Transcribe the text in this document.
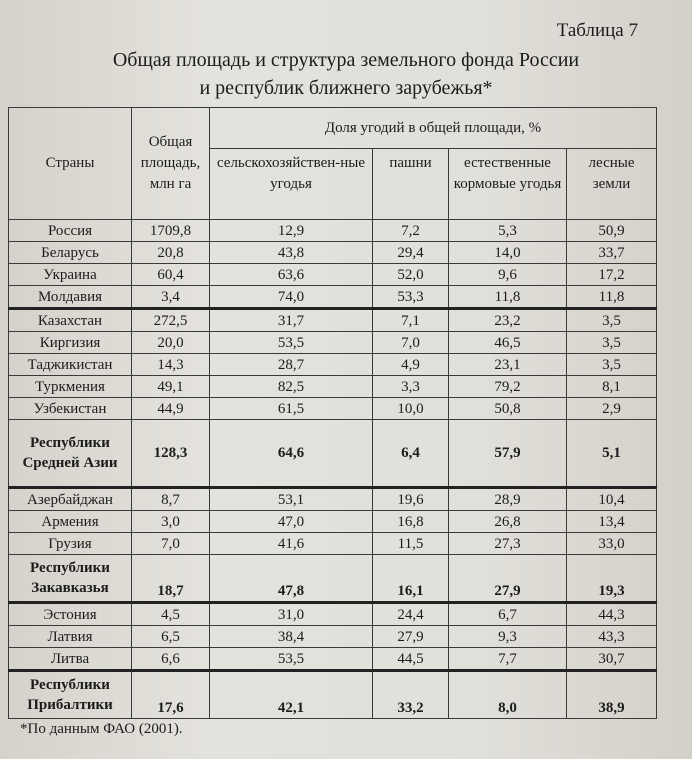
Таблица 7
Общая площадь и структура земельного фонда России
и республик ближнего зарубежья*
Страны	Общая площадь, млн га	Доля угодий в общей площади, %			
		сельскохозяйствен-ные угодья	пашни	естественные кормовые угодья	лесные земли
Россия	1709,8	12,9	7,2	5,3	50,9
Беларусь	20,8	43,8	29,4	14,0	33,7
Украина	60,4	63,6	52,0	9,6	17,2
Молдавия	3,4	74,0	53,3	11,8	11,8
Казахстан	272,5	31,7	7,1	23,2	3,5
Киргизия	20,0	53,5	7,0	46,5	3,5
Таджикистан	14,3	28,7	4,9	23,1	3,5
Туркмения	49,1	82,5	3,3	79,2	8,1
Узбекистан	44,9	61,5	10,0	50,8	2,9
Республики Средней Азии	128,3	64,6	6,4	57,9	5,1
Азербайджан	8,7	53,1	19,6	28,9	10,4
Армения	3,0	47,0	16,8	26,8	13,4
Грузия	7,0	41,6	11,5	27,3	33,0
Республики Закавказья	18,7	47,8	16,1	27,9	19,3
Эстония	4,5	31,0	24,4	6,7	44,3
Латвия	6,5	38,4	27,9	9,3	43,3
Литва	6,6	53,5	44,5	7,7	30,7
Республики Прибалтики	17,6	42,1	33,2	8,0	38,9
*По данным ФАО (2001).
